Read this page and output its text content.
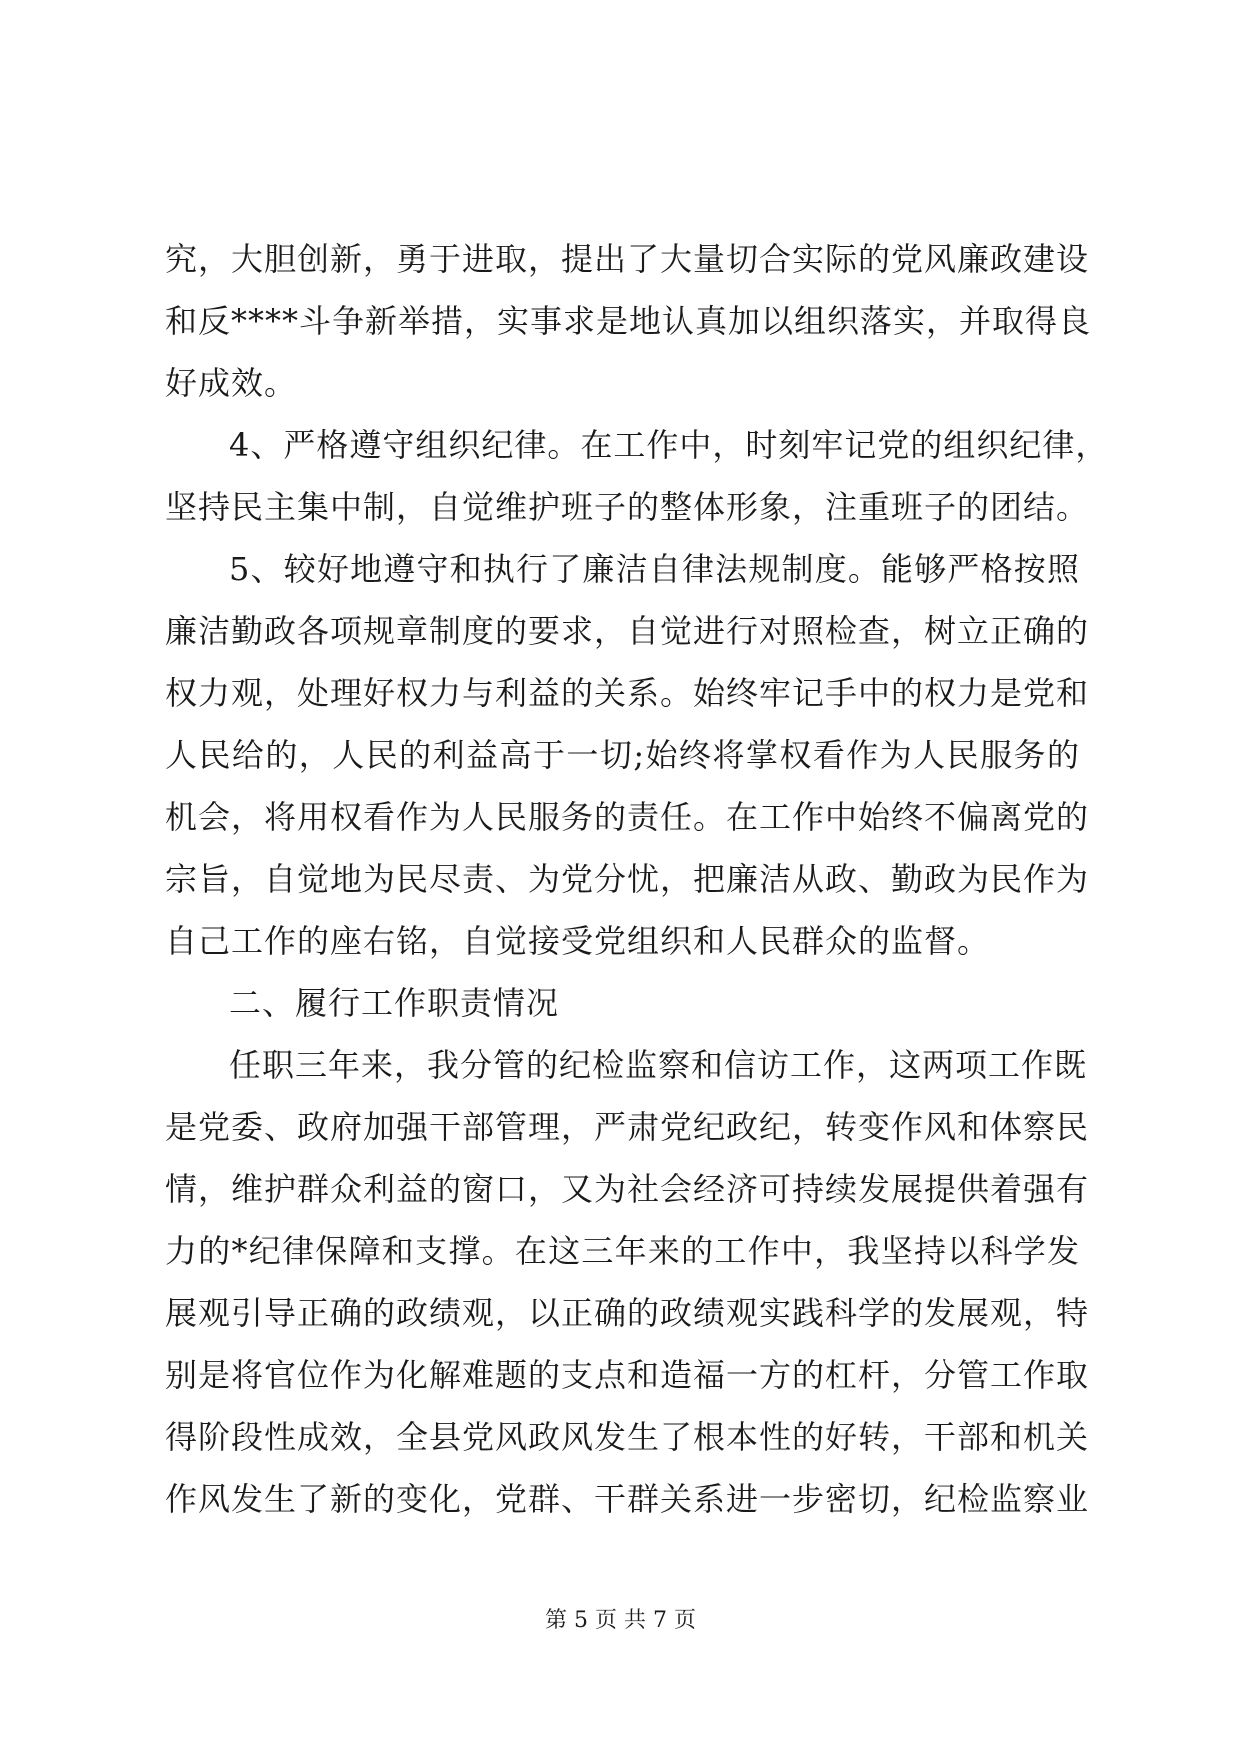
究，大胆创新，勇于进取，提出了大量切合实际的党风廉政建设
和反****斗争新举措，实事求是地认真加以组织落实，并取得良
好成效。
4、严格遵守组织纪律。在工作中，时刻牢记党的组织纪律，
坚持民主集中制，自觉维护班子的整体形象，注重班子的团结。
5、较好地遵守和执行了廉洁自律法规制度。能够严格按照
廉洁勤政各项规章制度的要求，自觉进行对照检查，树立正确的
权力观，处理好权力与利益的关系。始终牢记手中的权力是党和
人民给的，人民的利益高于一切;始终将掌权看作为人民服务的
机会，将用权看作为人民服务的责任。在工作中始终不偏离党的
宗旨，自觉地为民尽责、为党分忧，把廉洁从政、勤政为民作为
自己工作的座右铭，自觉接受党组织和人民群众的监督。
二、履行工作职责情况
任职三年来，我分管的纪检监察和信访工作，这两项工作既
是党委、政府加强干部管理，严肃党纪政纪，转变作风和体察民
情，维护群众利益的窗口，又为社会经济可持续发展提供着强有
力的*纪律保障和支撑。在这三年来的工作中，我坚持以科学发
展观引导正确的政绩观，以正确的政绩观实践科学的发展观，特
别是将官位作为化解难题的支点和造福一方的杠杆，分管工作取
得阶段性成效，全县党风政风发生了根本性的好转，干部和机关
作风发生了新的变化，党群、干群关系进一步密切，纪检监察业
第 5 页 共 7 页
